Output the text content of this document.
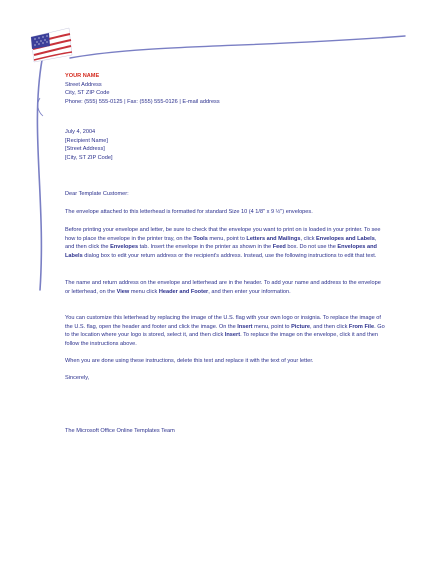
YOUR NAME
Street Address
City, ST ZIP Code
Phone: (555) 555-0125 | Fax: (555) 555-0126 | E-mail address
July 4, 2004
[Recipient Name]
[Street Address]
[City, ST ZIP Code]
Dear Template Customer:
The envelope attached to this letterhead is formatted for standard Size 10 (4 1/8" x 9 ½") envelopes.
Before printing your envelope and letter, be sure to check that the envelope you want to print on is loaded in your printer. To see how to place the envelope in the printer tray, on the Tools menu, point to Letters and Mailings, click Envelopes and Labels, and then click the Envelopes tab. Insert the envelope in the printer as shown in the Feed box. Do not use the Envelopes and Labels dialog box to edit your return address or the recipient's address. Instead, use the following instructions to edit that text.
The name and return address on the envelope and letterhead are in the header. To add your name and address to the envelope or letterhead, on the View menu click Header and Footer, and then enter your information.
You can customize this letterhead by replacing the image of the U.S. flag with your own logo or insignia. To replace the image of the U.S. flag, open the header and footer and click the image. On the Insert menu, point to Picture, and then click From File. Go to the location where your logo is stored, select it, and then click Insert. To replace the image on the envelope, click it and then follow the instructions above.
When you are done using these instructions, delete this text and replace it with the text of your letter.
Sincerely,
The Microsoft Office Online Templates Team
